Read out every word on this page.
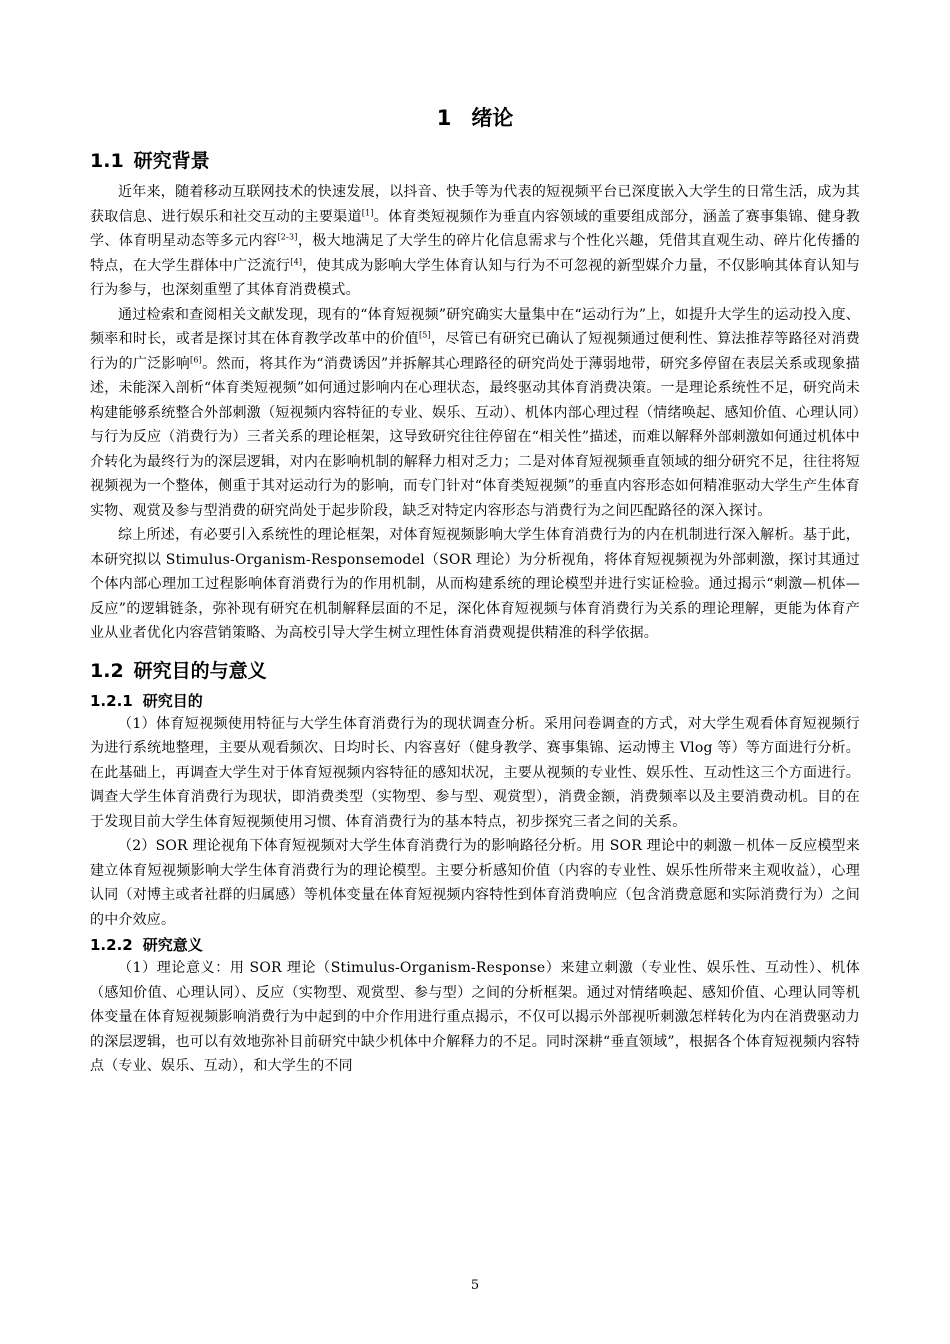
1 绪论
1.1 研究背景

近年来，随着移动互联网技术的快速发展，以抖音、快手等为代表的短视频平台已深度嵌入大学生的日常生活，成为其获取信息、进行娱乐和社交互动的主要渠道[1]。体育类短视频作为垂直内容领域的重要组成部分，涵盖了赛事集锦、健身教学、体育明星动态等多元内容[2-3]，极大地满足了大学生的碎片化信息需求与个性化兴趣，凭借其直观生动、碎片化传播的特点，在大学生群体中广泛流行[4]，使其成为影响大学生体育认知与行为不可忽视的新型媒介力量，不仅影响其体育认知与行为参与，也深刻重塑了其体育消费模式。

通过检索和查阅相关文献发现，现有的“体育短视频”研究确实大量集中在“运动行为”上，如提升大学生的运动投入度、频率和时长，或者是探讨其在体育教学改革中的价值[5]，尽管已有研究已确认了短视频通过便利性、算法推荐等路径对消费行为的广泛影响[6]。然而，将其作为“消费诱因”并拆解其心理路径的研究尚处于薄弱地带，研究多停留在表层关系或现象描述，未能深入剖析“体育类短视频”如何通过影响内在心理状态，最终驱动其体育消费决策。一是理论系统性不足，研究尚未构建能够系统整合外部刺激（短视频内容特征的专业、娱乐、互动）、机体内部心理过程（情绪唤起、感知价值、心理认同）与行为反应（消费行为）三者关系的理论框架，这导致研究往往停留在“相关性”描述，而难以解释外部刺激如何通过机体中介转化为最终行为的深层逻辑，对内在影响机制的解释力相对乏力；二是对体育短视频垂直领域的细分研究不足，往往将短视频视为一个整体，侧重于其对运动行为的影响，而专门针对“体育类短视频”的垂直内容形态如何精准驱动大学生产生体育实物、观赏及参与型消费的研究尚处于起步阶段，缺乏对特定内容形态与消费行为之间匹配路径的深入探讨。

综上所述，有必要引入系统性的理论框架，对体育短视频影响大学生体育消费行为的内在机制进行深入解析。基于此，本研究拟以 Stimulus-Organism-Responsemodel（SOR 理论）为分析视角，将体育短视频视为外部刺激，探讨其通过个体内部心理加工过程影响体育消费行为的作用机制，从而构建系统的理论模型并进行实证检验。通过揭示“刺激—机体—反应”的逻辑链条，弥补现有研究在机制解释层面的不足，深化体育短视频与体育消费行为关系的理论理解，更能为体育产业从业者优化内容营销策略、为高校引导大学生树立理性体育消费观提供精准的科学依据。

1.2 研究目的与意义
1.2.1 研究目的

（1）体育短视频使用特征与大学生体育消费行为的现状调查分析。采用问卷调查的方式，对大学生观看体育短视频行为进行系统地整理，主要从观看频次、日均时长、内容喜好（健身教学、赛事集锦、运动博主 Vlog 等）等方面进行分析。在此基础上，再调查大学生对于体育短视频内容特征的感知状况，主要从视频的专业性、娱乐性、互动性这三个方面进行。调查大学生体育消费行为现状，即消费类型（实物型、参与型、观赏型），消费金额，消费频率以及主要消费动机。目的在于发现目前大学生体育短视频使用习惯、体育消费行为的基本特点，初步探究三者之间的关系。

（2）SOR 理论视角下体育短视频对大学生体育消费行为的影响路径分析。用 SOR 理论中的刺激－机体－反应模型来建立体育短视频影响大学生体育消费行为的理论模型。主要分析感知价值（内容的专业性、娱乐性所带来主观收益），心理认同（对博主或者社群的归属感）等机体变量在体育短视频内容特性到体育消费响应（包含消费意愿和实际消费行为）之间的中介效应。

1.2.2 研究意义

（1）理论意义：用 SOR 理论（Stimulus-Organism-Response）来建立刺激（专业性、娱乐性、互动性）、机体（感知价值、心理认同）、反应（实物型、观赏型、参与型）之间的分析框架。通过对情绪唤起、感知价值、心理认同等机体变量在体育短视频影响消费行为中起到的中介作用进行重点揭示，不仅可以揭示外部视听刺激怎样转化为内在消费驱动力的深层逻辑，也可以有效地弥补目前研究中缺少机体中介解释力的不足。同时深耕“垂直领域”，根据各个体育短视频内容特点（专业、娱乐、互动），和大学生的不同

5
